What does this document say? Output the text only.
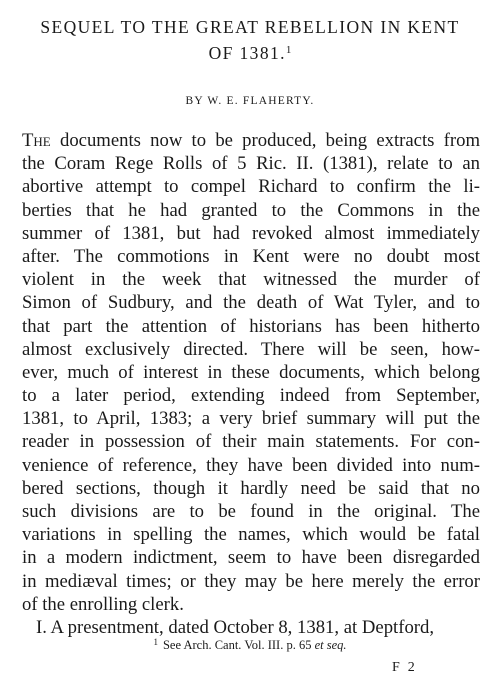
SEQUEL TO THE GREAT REBELLION IN KENT
OF 1381.$^1$
BY W. E. FLAHERTY.
The documents now to be produced, being extracts from
the Coram Rege Rolls of 5 Ric. II. (1381), relate to an
abortive attempt to compel Richard to confirm the li-
berties that he had granted to the Commons in the
summer of 1381, but had revoked almost immediately
after. The commotions in Kent were no doubt most
violent in the week that witnessed the murder of
Simon of Sudbury, and the death of Wat Tyler, and to
that part the attention of historians has been hitherto
almost exclusively directed. There will be seen, how-
ever, much of interest in these documents, which belong
to a later period, extending indeed from September,
1381, to April, 1383; a very brief summary will put the
reader in possession of their main statements. For con-
venience of reference, they have been divided into num-
bered sections, though it hardly need be said that no
such divisions are to be found in the original. The
variations in spelling the names, which would be fatal
in a modern indictment, seem to have been disregarded
in mediæval times; or they may be here merely the error
of the enrolling clerk.
I. A presentment, dated October 8, 1381, at Deptford,
$^1$ See Arch. Cant. Vol. III. p. 65 et seq.
F2
